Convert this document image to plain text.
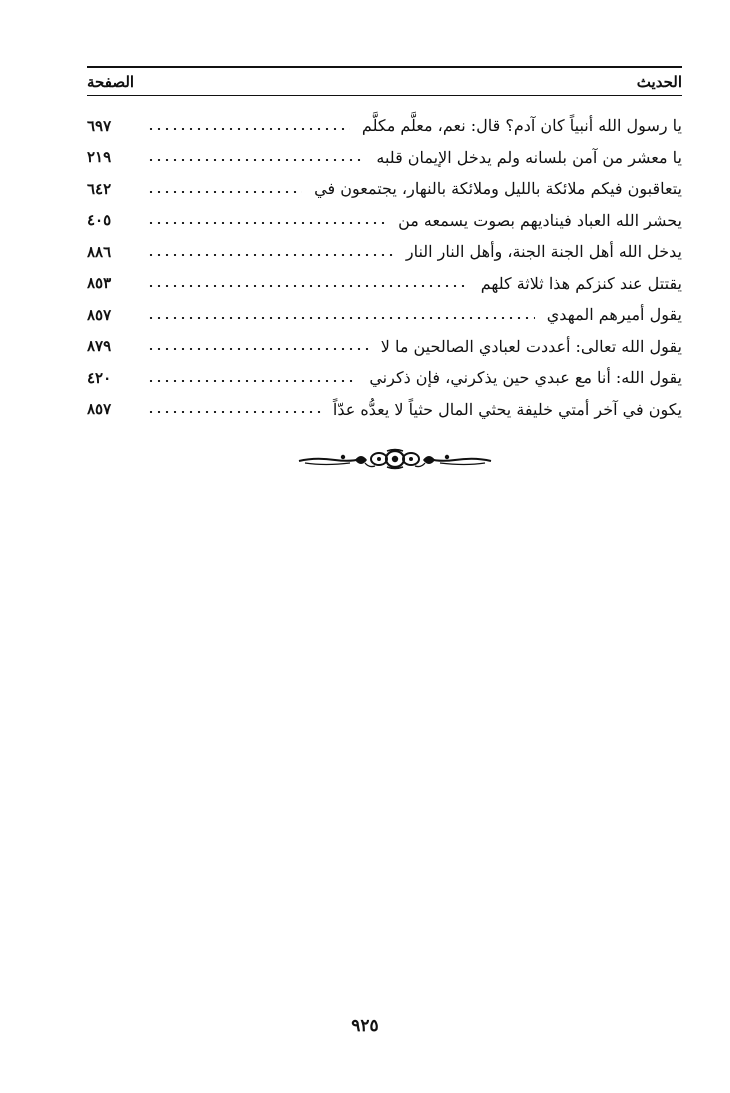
الحديث
الصفحة
يا رسول الله أنبياً كان آدم؟ قال: نعم، معلَّم مكلَّم
٦٩٧
يا معشر من آمن بلسانه ولم يدخل الإيمان قلبه
٢١٩
يتعاقبون فيكم ملائكة بالليل وملائكة بالنهار، يجتمعون في
٦٤٢
يحشر الله العباد فيناديهم بصوت يسمعه من
٤٠٥
يدخل الله أهل الجنة الجنة، وأهل النار النار
٨٨٦
يقتتل عند كنزكم هذا ثلاثة كلهم
٨٥٣
يقول أميرهم المهدي
٨٥٧
يقول الله تعالى: أعددت لعبادي الصالحين ما لا
٨٧٩
يقول الله: أنا مع عبدي حين يذكرني، فإن ذكرني
٤٢٠
يكون في آخر أمتي خليفة يحثي المال حثياً لا يعدُّه عدّاً
٨٥٧
٩٢٥
